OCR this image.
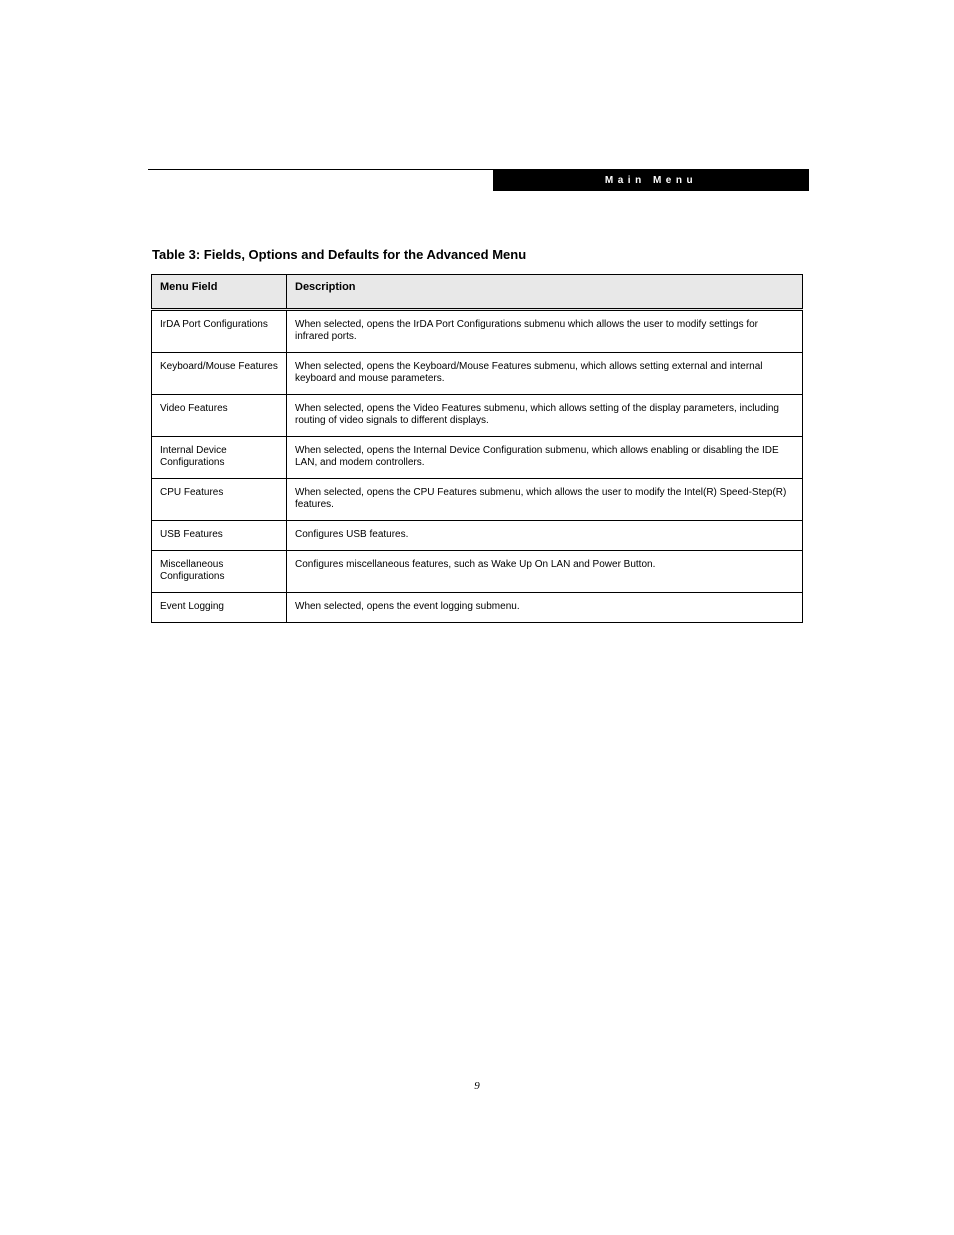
Main Menu

Table 3: Fields, Options and Defaults for the Advanced Menu

Menu Field	Description
IrDA Port Configurations	When selected, opens the IrDA Port Configurations submenu which allows the user to modify settings for infrared ports.
Keyboard/Mouse Features	When selected, opens the Keyboard/Mouse Features submenu, which allows setting external and internal keyboard and mouse parameters.
Video Features	When selected, opens the Video Features submenu, which allows setting of the display parameters, including routing of video signals to different displays.
Internal Device Configurations	When selected, opens the Internal Device Configuration submenu, which allows enabling or disabling the IDE LAN, and modem controllers.
CPU Features	When selected, opens the CPU Features submenu, which allows the user to modify the Intel(R) Speed-Step(R) features.
USB Features	Configures USB features.
Miscellaneous Configurations	Configures miscellaneous features, such as Wake Up On LAN and Power Button.
Event Logging	When selected, opens the event logging submenu.
9
